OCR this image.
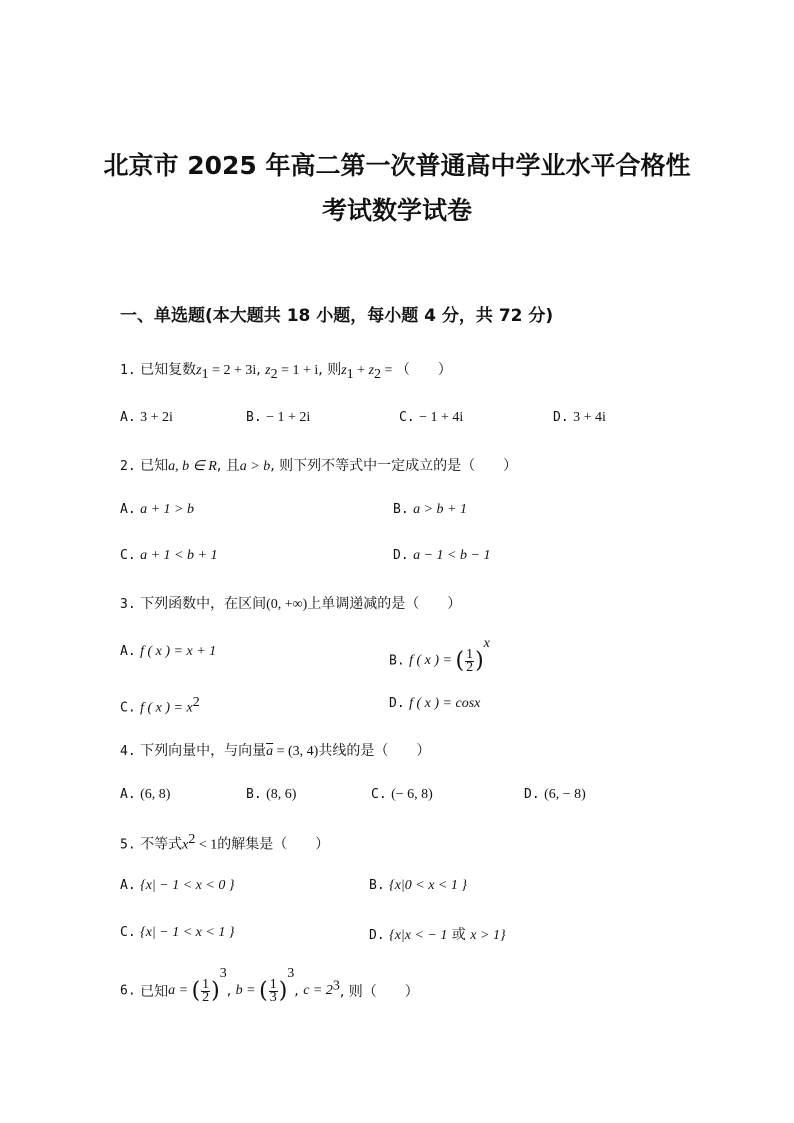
北京市 2025 年高二第一次普通高中学业水平合格性
考试数学试卷
一、单选题(本大题共 18 小题，每小题 4 分，共 72 分)
1. 已知复数$z_1 = 2 + 3i$, $z_2 = 1 + i$, 则$z_1 + z_2$ = （　　）
A. 3 + 2i	B. − 1 + 2i	C. − 1 + 4i	D. 3 + 4i
2. 已知a, b ∈ R, 且a > b, 则下列不等式中一定成立的是（　　）
A. a + 1 > b	B. a > b + 1
C. a + 1 < b + 1	D. a − 1 < b − 1
3. 下列函数中，在区间(0, +∞)上单调递减的是（　　）
A. f ( x ) = x + 1
B. f ( x ) = ( $\frac{1}{2} )^x$
C. f ( x ) = $x^2$	D. f ( x ) = cosx
4. 下列向量中，与向量$\overline{a} = (3$, 4)共线的是（　　）
A. (6, 8)	B. (8, 6)	C. (− 6, 8)	D. (6, − 8)
5. 不等式$x^2 < 1$的解集是（　　）
A. {x| − 1 < x < 0 }	B. {x|0 < x < 1 }
C. {x| − 1 < x < 1 }	D. {x|x < − 1 或 x > 1}
6. 已知a = ( $\frac{1}{2} )^3$, b = ( $\frac{1}{3} )^3$, $c = 2^3$, 则（　　）
